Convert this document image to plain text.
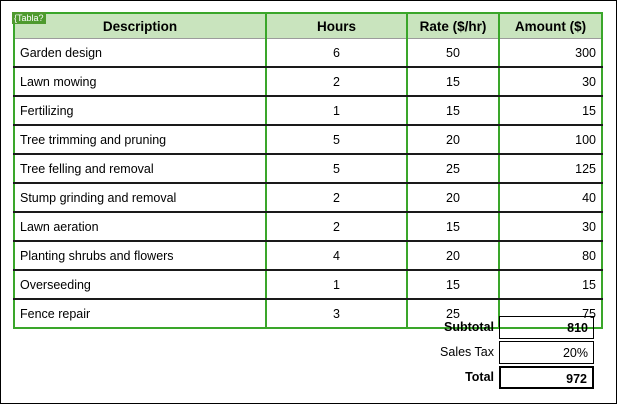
{Tabla?
Description	Hours	Rate ($/hr)	Amount ($)
Garden design	6	50	300
Lawn mowing	2	15	30
Fertilizing	1	15	15
Tree trimming and pruning	5	20	100
Tree felling and removal	5	25	125
Stump grinding and removal	2	20	40
Lawn aeration	2	15	30
Planting shrubs and flowers	4	20	80
Overseeding	1	15	15
Fence repair	3	25	75
Subtotal	810
Sales Tax	20%
Total	972
